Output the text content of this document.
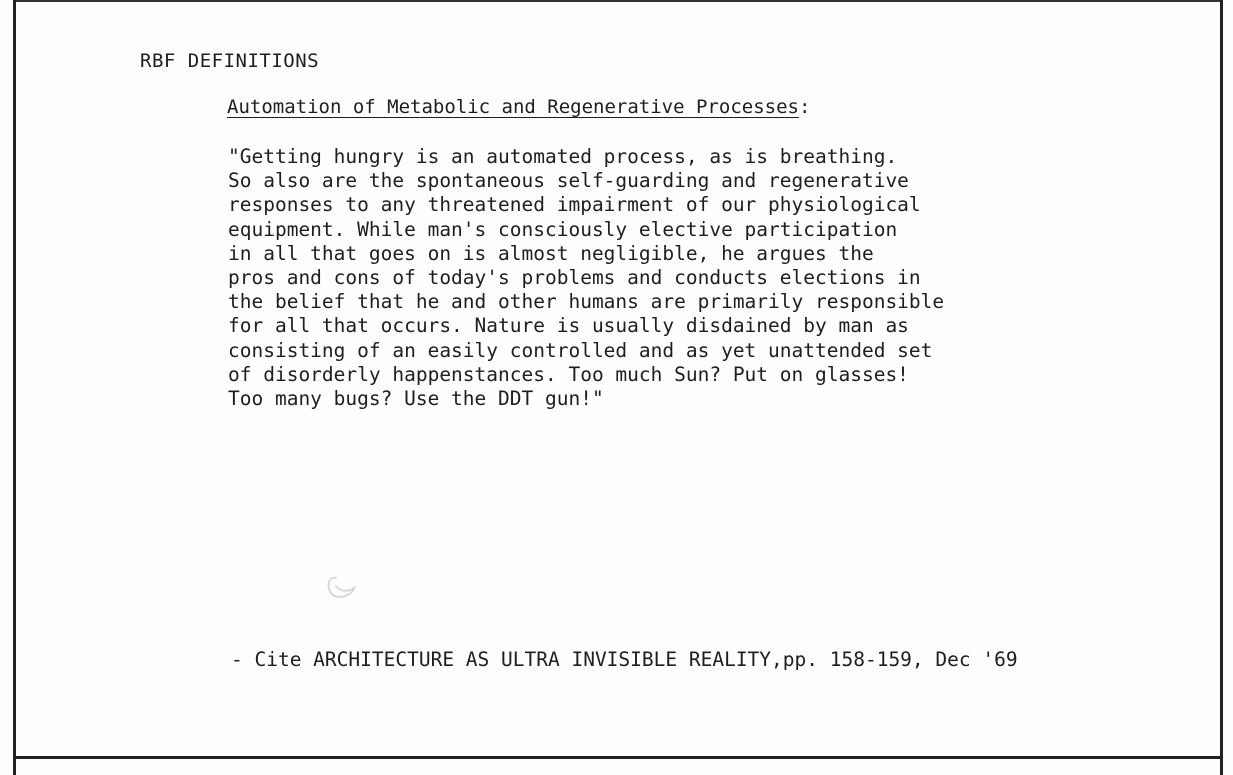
RBF DEFINITIONS
Automation of Metabolic and Regenerative Processes:
"Getting hungry is an automated process, as is breathing.
So also are the spontaneous self-guarding and regenerative
responses to any threatened impairment of our physiological
equipment. While man's consciously elective participation
in all that goes on is almost negligible, he argues the
pros and cons of today's problems and conducts elections in
the belief that he and other humans are primarily responsible
for all that occurs. Nature is usually disdained by man as
consisting of an easily controlled and as yet unattended set
of disorderly happenstances. Too much Sun? Put on glasses!
Too many bugs? Use the DDT gun!"
- Cite ARCHITECTURE AS ULTRA INVISIBLE REALITY,pp. 158-159, Dec '69
